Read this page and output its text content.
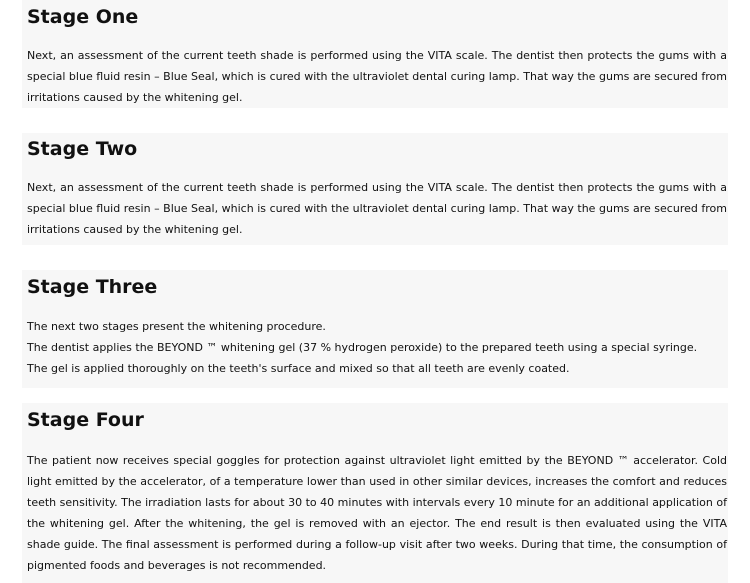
Stage One

Next, an assessment of the current teeth shade is performed using the VITA scale. The dentist then protects the gums with a special blue fluid resin – Blue Seal, which is cured with the ultraviolet dental curing lamp. That way the gums are secured from irritations caused by the whitening gel.

Stage Two

Next, an assessment of the current teeth shade is performed using the VITA scale. The dentist then protects the gums with a special blue fluid resin – Blue Seal, which is cured with the ultraviolet dental curing lamp. That way the gums are secured from irritations caused by the whitening gel.

Stage Three

The next two stages present the whitening procedure.

The dentist applies the BEYOND ™ whitening gel (37 % hydrogen peroxide) to the prepared teeth using a special syringe.

The gel is applied thoroughly on the teeth's surface and mixed so that all teeth are evenly coated.

Stage Four

The patient now receives special goggles for protection against ultraviolet light emitted by the BEYOND ™ accelerator. Cold light emitted by the accelerator, of a temperature lower than used in other similar devices, increases the comfort and reduces teeth sensitivity. The irradiation lasts for about 30 to 40 minutes with intervals every 10 minute for an additional application of the whitening gel. After the whitening, the gel is removed with an ejector. The end result is then evaluated using the VITA shade guide. The final assessment is performed during a follow-up visit after two weeks. During that time, the consumption of pigmented foods and beverages is not recommended.
